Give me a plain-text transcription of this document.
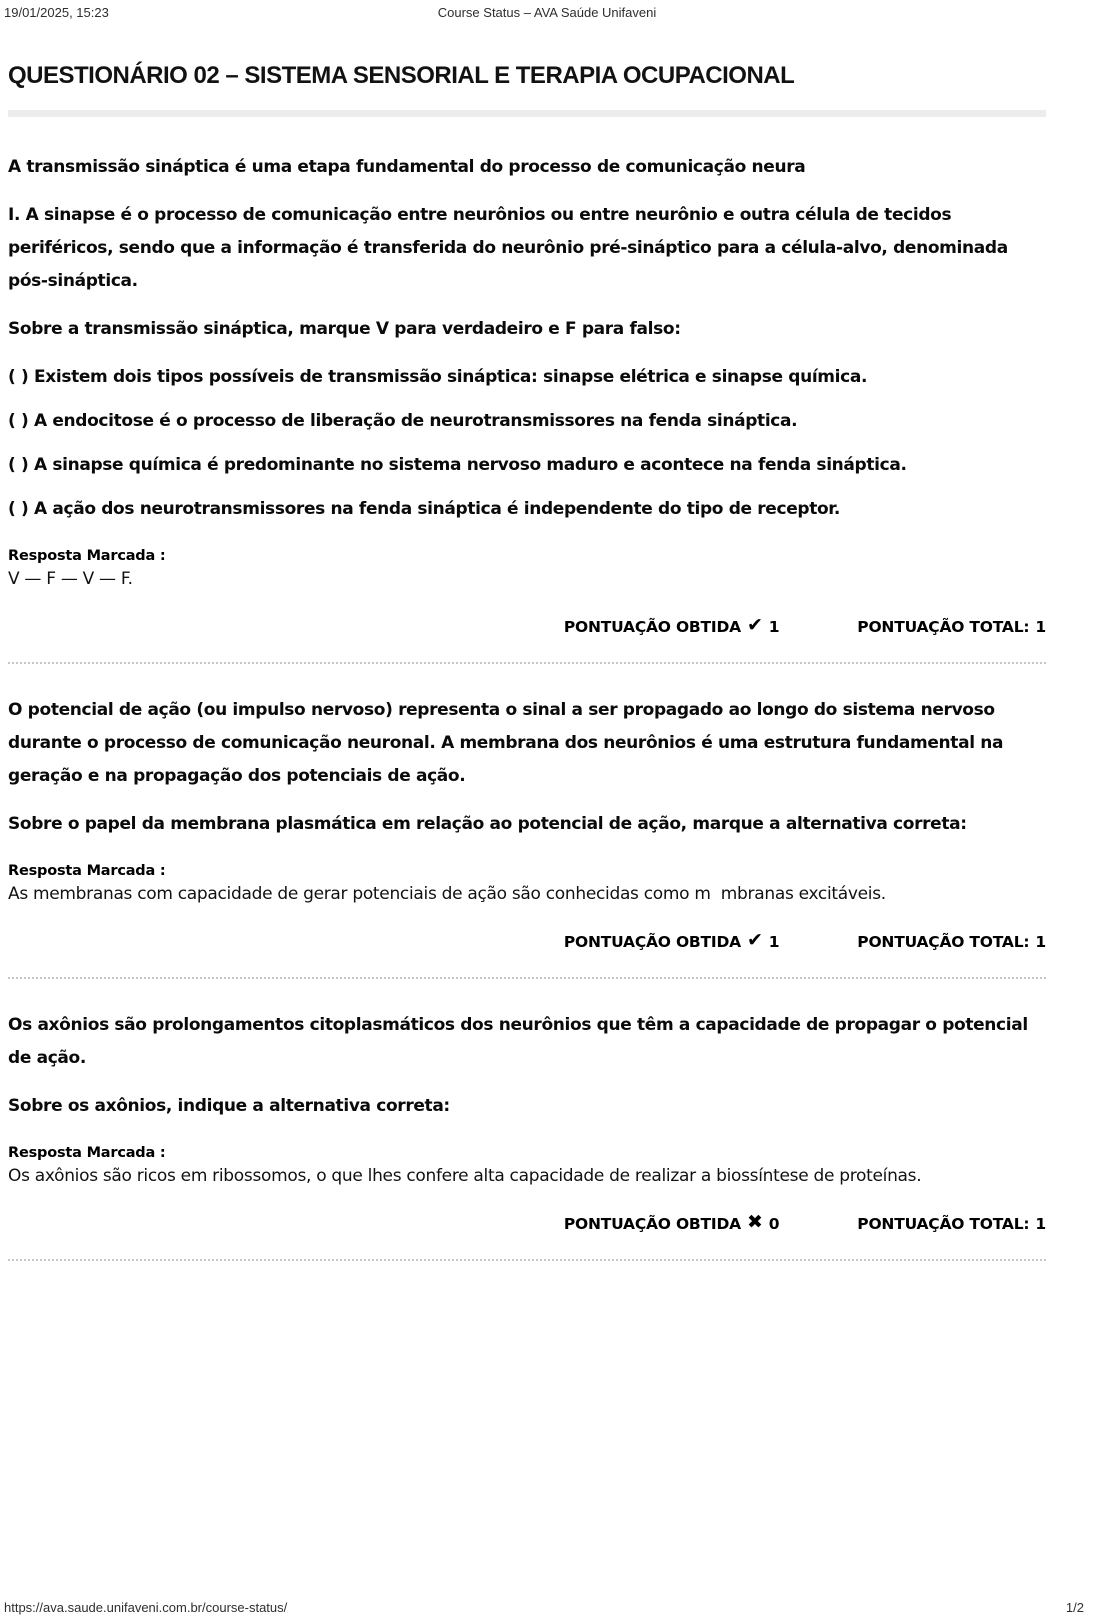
19/01/2025, 15:23	Course Status – AVA Saúde Unifaveni
QUESTIONÁRIO 02 – SISTEMA SENSORIAL E TERAPIA OCUPACIONAL

A transmissão sináptica é uma etapa fundamental do processo de comunicação neura

I. A sinapse é o processo de comunicação entre neurônios ou entre neurônio e outra célula de tecidos periféricos, sendo que a informação é transferida do neurônio pré-sináptico para a célula-alvo, denominada pós-sináptica.

Sobre a transmissão sináptica, marque V para verdadeiro e F para falso:

( ) Existem dois tipos possíveis de transmissão sináptica: sinapse elétrica e sinapse química.

( ) A endocitose é o processo de liberação de neurotransmissores na fenda sináptica.

( ) A sinapse química é predominante no sistema nervoso maduro e acontece na fenda sináptica.

( ) A ação dos neurotransmissores na fenda sináptica é independente do tipo de receptor.

Resposta Marcada :

V — F — V — F.

PONTUAÇÃO OBTIDA ✔ 1	PONTUAÇÃO TOTAL: 1

O potencial de ação (ou impulso nervoso) representa o sinal a ser propagado ao longo do sistema nervoso durante o processo de comunicação neuronal. A membrana dos neurônios é uma estrutura fundamental na geração e na propagação dos potenciais de ação.

Sobre o papel da membrana plasmática em relação ao potencial de ação, marque a alternativa correta:

Resposta Marcada :

As membranas com capacidade de gerar potenciais de ação são conhecidas como m  mbranas excitáveis.

PONTUAÇÃO OBTIDA ✔ 1	PONTUAÇÃO TOTAL: 1

Os axônios são prolongamentos citoplasmáticos dos neurônios que têm a capacidade de propagar o potencial de ação.

Sobre os axônios, indique a alternativa correta:

Resposta Marcada :

Os axônios são ricos em ribossomos, o que lhes confere alta capacidade de realizar a biossíntese de proteínas.

PONTUAÇÃO OBTIDA ✖ 0	PONTUAÇÃO TOTAL: 1
https://ava.saude.unifaveni.com.br/course-status/	1/2
